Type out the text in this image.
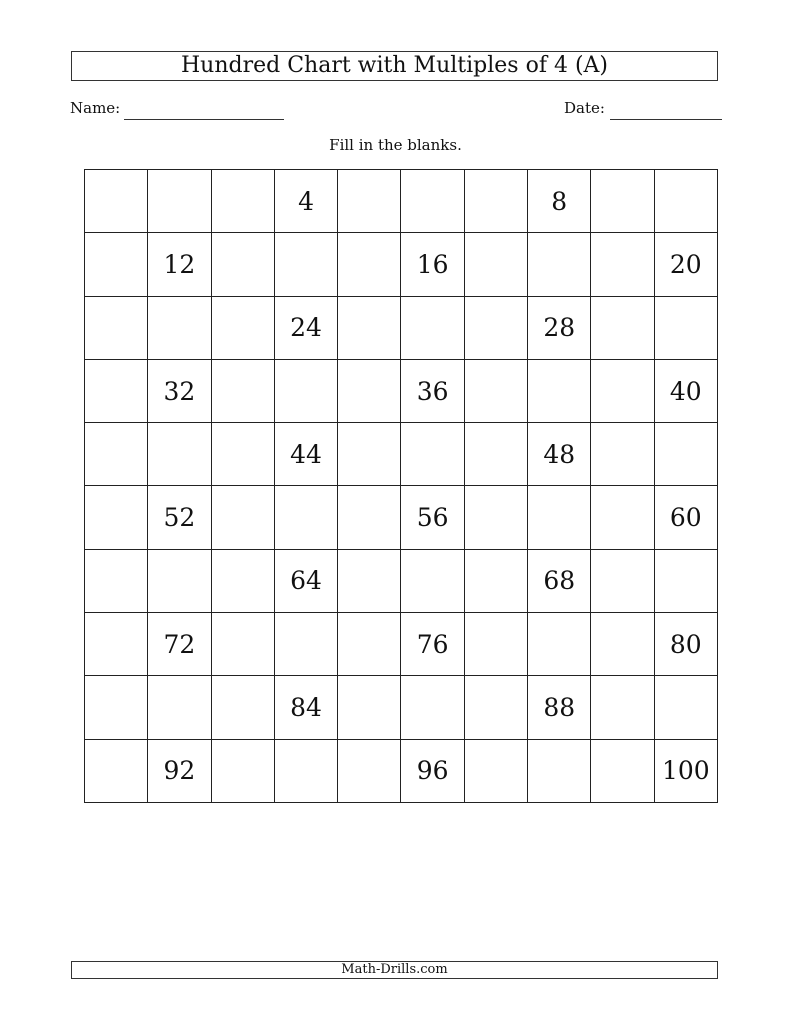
Hundred Chart with Multiples of 4 (A)
Name:	Date:
Fill in the blanks.
			4				8		
	12				16				20
			24				28		
	32				36				40
			44				48		
	52				56				60
			64				68		
	72				76				80
			84				88		
	92				96				100
Math-Drills.com
